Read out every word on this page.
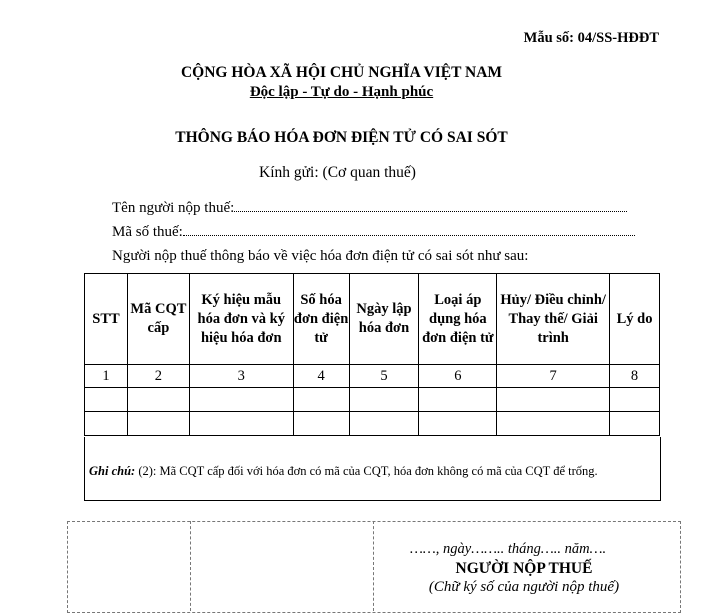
Mẫu số: 04/SS-HĐĐT
CỘNG HÒA XÃ HỘI CHỦ NGHĨA VIỆT NAM
Độc lập - Tự do - Hạnh phúc
THÔNG BÁO HÓA ĐƠN ĐIỆN TỬ CÓ SAI SÓT
Kính gửi: (Cơ quan thuế)
Tên người nộp thuế:
Mã số thuế:
Người nộp thuế thông báo về việc hóa đơn điện tử có sai sót như sau:
STT	Mã CQT cấp	Ký hiệu mẫu hóa đơn và ký hiệu hóa đơn	Số hóa đơn điện tử	Ngày lập hóa đơn	Loại áp dụng hóa đơn điện tử	Hủy/ Điều chỉnh/ Thay thế/ Giải trình	Lý do
1	2	3	4	5	6	7	8

Ghi chú: (2): Mã CQT cấp đối với hóa đơn có mã của CQT, hóa đơn không có mã của CQT để trống.
……, ngày…….. tháng….. năm….
NGƯỜI NỘP THUẾ
(Chữ ký số của người nộp thuế)
